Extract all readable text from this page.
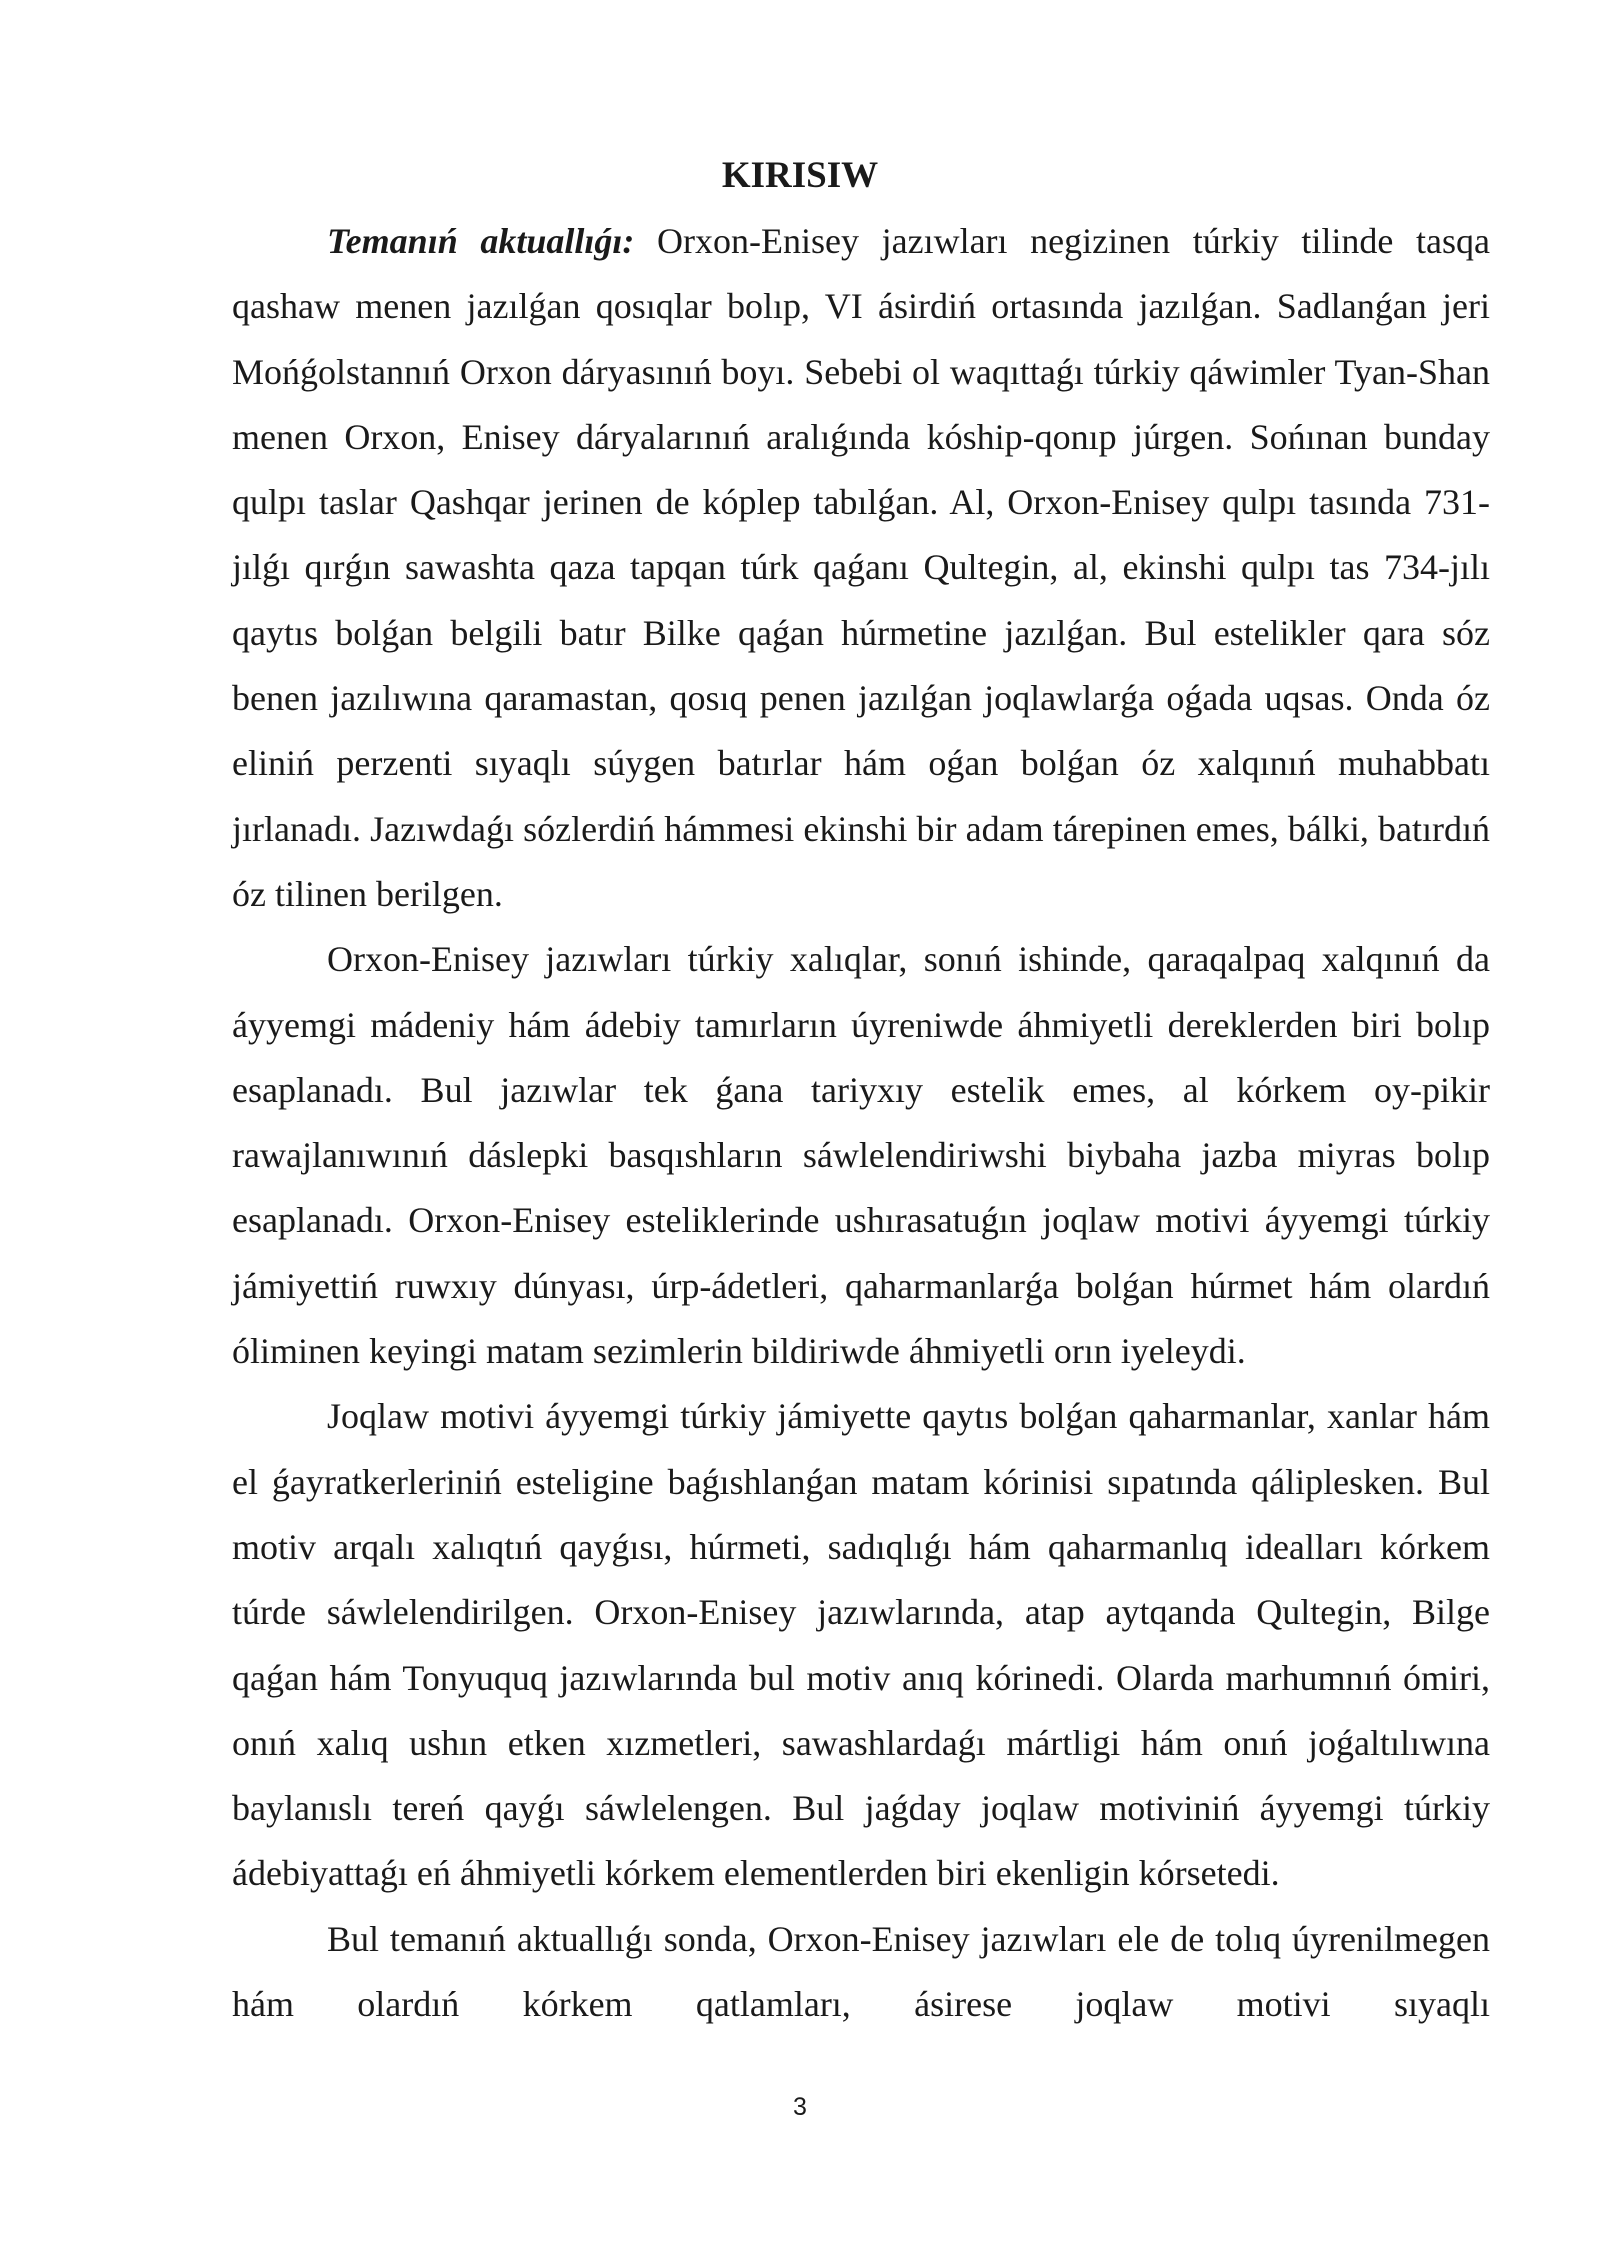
KIRISIW

Temanıń aktuallıǵı: Orxon-Enisey jazıwları negizinen túrkiy tilinde tasqa qashaw menen jazılǵan qosıqlar bolıp, VI ásirdiń ortasında jazılǵan. Sadlanǵan jeri Mońǵolstannıń Orxon dáryasınıń boyı. Sebebi ol waqıttaǵı túrkiy qáwimler Tyan-Shan menen Orxon, Enisey dáryalarınıń aralıǵında kóship-qonıp júrgen. Sońınan bunday qulpı taslar Qashqar jerinen de kóplep tabılǵan. Al, Orxon-Enisey qulpı tasında 731-jılǵı qırǵın sawashta qaza tapqan túrk qaǵanı Qultegin, al, ekinshi qulpı tas 734-jılı qaytıs bolǵan belgili batır Bilke qaǵan húrmetine jazılǵan. Bul estelikler qara sóz benen jazılıwına qaramastan, qosıq penen jazılǵan joqlawlarǵa oǵada uqsas. Onda óz eliniń perzenti sıyaqlı súygen batırlar hám oǵan bolǵan óz xalqınıń muhabbatı jırlanadı. Jazıwdaǵı sózlerdiń hámmesi ekinshi bir adam tárepinen emes, bálki, batırdıń óz tilinen berilgen.

Orxon-Enisey jazıwları túrkiy xalıqlar, sonıń ishinde, qaraqalpaq xalqınıń da áyyemgi mádeniy hám ádebiy tamırların úyreniwde áhmiyetli dereklerden biri bolıp esaplanadı. Bul jazıwlar tek ǵana tariyxıy estelik emes, al kórkem oy-pikir rawajlanıwınıń dáslepki basqıshların sáwlelendiriwshi biybaha jazba miyras bolıp esaplanadı. Orxon-Enisey esteliklerinde ushırasatuǵın joqlaw motivi áyyemgi túrkiy jámiyettiń ruwxıy dúnyası, úrp-ádetleri, qaharmanlarǵa bolǵan húrmet hám olardıń óliminen keyingi matam sezimlerin bildiriwde áhmiyetli orın iyeleydi.

Joqlaw motivi áyyemgi túrkiy jámiyette qaytıs bolǵan qaharmanlar, xanlar hám el ǵayratkerleriniń esteligine baǵıshlanǵan matam kórinisi sıpatında qáliplesken. Bul motiv arqalı xalıqtıń qayǵısı, húrmeti, sadıqlıǵı hám qaharmanlıq idealları kórkem túrde sáwlelendirilgen. Orxon-Enisey jazıwlarında, atap aytqanda Qultegin, Bilge qaǵan hám Tonyuquq jazıwlarında bul motiv anıq kórinedi. Olarda marhumnıń ómiri, onıń xalıq ushın etken xızmetleri, sawashlardaǵı mártligi hám onıń joǵaltılıwına baylanıslı tereń qayǵı sáwlelengen. Bul jaǵday joqlaw motiviniń áyyemgi túrkiy ádebiyattaǵı eń áhmiyetli kórkem elementlerden biri ekenligin kórsetedi.

Bul temanıń aktuallıǵı sonda, Orxon-Enisey jazıwları ele de tolıq úyrenilmegen hám olardıń kórkem qatlamları, ásirese joqlaw motivi sıyaqlı

3
